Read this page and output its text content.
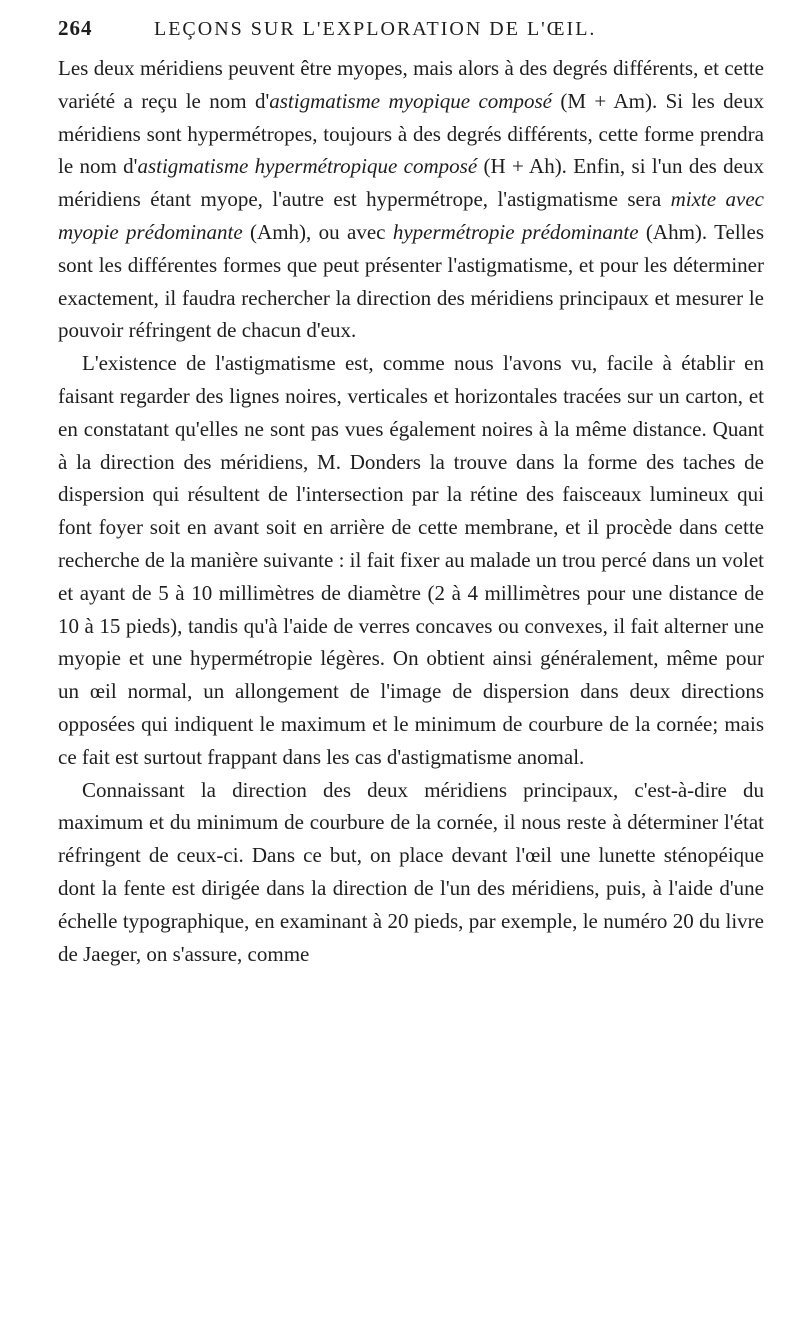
264	LEÇONS SUR L'EXPLORATION DE L'ŒIL.

Les deux méridiens peuvent être myopes, mais alors à des degrés différents, et cette variété a reçu le nom d'astigmatisme myopique composé (M + Am). Si les deux méridiens sont hypermétropes, toujours à des degrés différents, cette forme prendra le nom d'astigmatisme hypermétropique composé (H + Ah). Enfin, si l'un des deux méridiens étant myope, l'autre est hypermétrope, l'astigmatisme sera mixte avec myopie prédominante (Amh), ou avec hypermétropie prédominante (Ahm). Telles sont les différentes formes que peut présenter l'astigmatisme, et pour les déterminer exactement, il faudra rechercher la direction des méridiens principaux et mesurer le pouvoir réfringent de chacun d'eux.

L'existence de l'astigmatisme est, comme nous l'avons vu, facile à établir en faisant regarder des lignes noires, verticales et horizontales tracées sur un carton, et en constatant qu'elles ne sont pas vues également noires à la même distance. Quant à la direction des méridiens, M. Donders la trouve dans la forme des taches de dispersion qui résultent de l'intersection par la rétine des faisceaux lumineux qui font foyer soit en avant soit en arrière de cette membrane, et il procède dans cette recherche de la manière suivante : il fait fixer au malade un trou percé dans un volet et ayant de 5 à 10 millimètres de diamètre (2 à 4 millimètres pour une distance de 10 à 15 pieds), tandis qu'à l'aide de verres concaves ou convexes, il fait alterner une myopie et une hypermétropie légères. On obtient ainsi généralement, même pour un œil normal, un allongement de l'image de dispersion dans deux directions opposées qui indiquent le maximum et le minimum de courbure de la cornée; mais ce fait est surtout frappant dans les cas d'astigmatisme anomal.

Connaissant la direction des deux méridiens principaux, c'est-à-dire du maximum et du minimum de courbure de la cornée, il nous reste à déterminer l'état réfringent de ceux-ci. Dans ce but, on place devant l'œil une lunette sténopéique dont la fente est dirigée dans la direction de l'un des méridiens, puis, à l'aide d'une échelle typographique, en examinant à 20 pieds, par exemple, le numéro 20 du livre de Jaeger, on s'assure, comme
